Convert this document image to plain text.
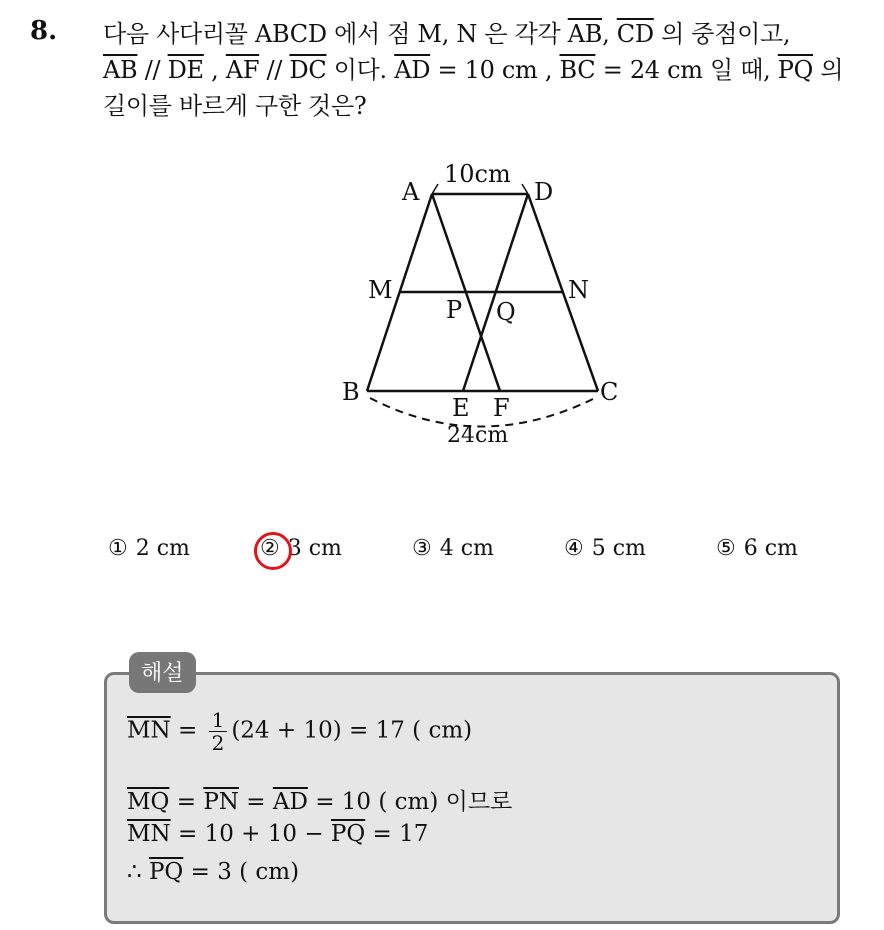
8. 다음 사다리꼴 ABCD 에서 점 M, N 은 각각 $\overline{AB}$, $\overline{CD}$ 의 중점이고,
$\overline{AB} // \overline{DE}$ , $\overline{AF} // \overline{DC}$ 이다. $\overline{AD} = 10$ cm , $\overline{BC} = 24$ cm 일 때, $\overline{PQ}$ 의
길이를 바르게 구한 것은?
10cm
24cm
A	D
M	N
P Q
B	C
E F
① 2 cm	② 3 cm	③ 4 cm	④ 5 cm	⑤ 6 cm
해설
$\overline{MN} = \frac{1}{2} (24 + 10) = 17$ ( cm)
$\overline{MQ} = \overline{PN} = \overline{AD} = 10$ ( cm) 이므로
$\overline{MN} = 10 + 10 - \overline{PQ} = 17$
∴ $\overline{PQ} = 3$ ( cm)
